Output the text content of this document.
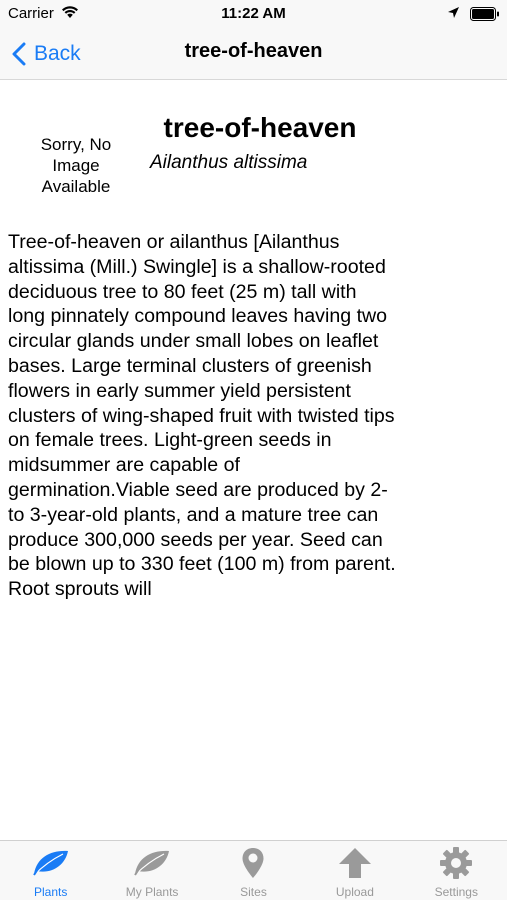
Carrier	11:22 AM
Back	tree-of-heaven
Sorry, No
Image
Available
tree-of-heaven
Ailanthus altissima
Tree-of-heaven or ailanthus [Ailanthus altissima (Mill.) Swingle] is a shallow-rooted deciduous tree to 80 feet (25 m) tall with long pinnately compound leaves having two circular glands under small lobes on leaflet bases. Large terminal clusters of greenish flowers in early summer yield persistent clusters of wing-shaped fruit with twisted tips on female trees. Light-green seeds in midsummer are capable of germination.Viable seed are produced by 2- to 3-year-old plants, and a mature tree can produce 300,000 seeds per year. Seed can be blown up to 330 feet (100 m) from parent. Root sprouts will
Plants	My Plants	Sites	Upload	Settings
